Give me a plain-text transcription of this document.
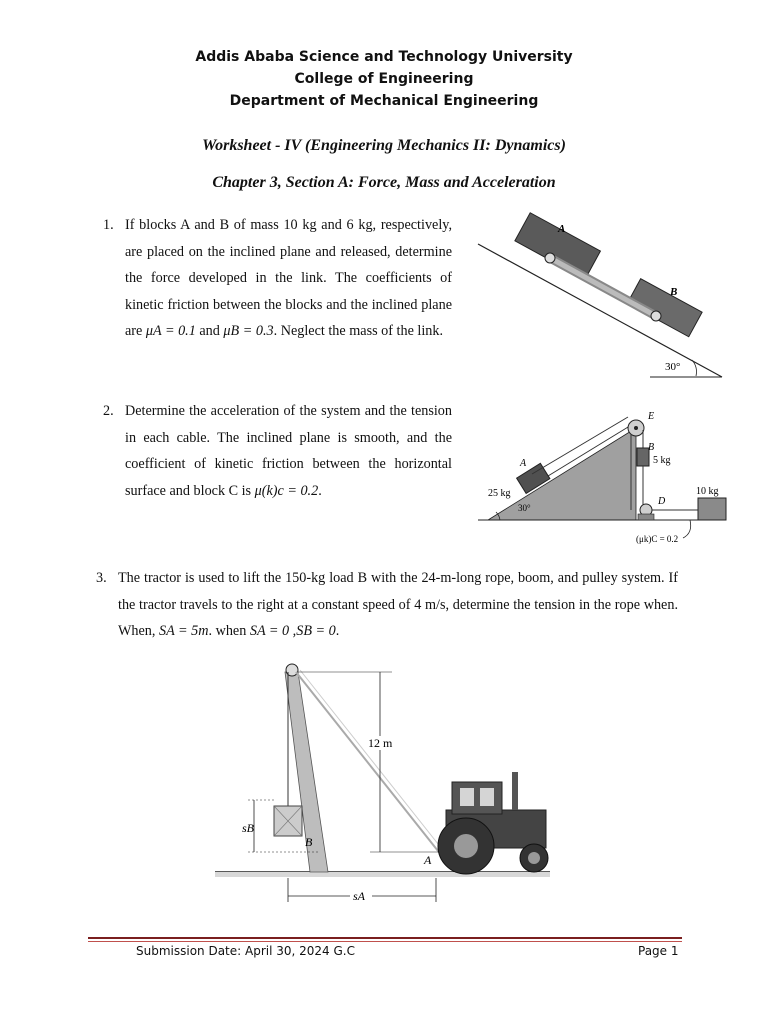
Addis Ababa Science and Technology University
College of Engineering
Department of Mechanical Engineering
Worksheet - IV (Engineering Mechanics II: Dynamics)
Chapter 3, Section A: Force, Mass and Acceleration
1. If blocks A and B of mass 10 kg and 6 kg, respectively, are placed on the inclined plane and released, determine the force developed in the link. The coefficients of kinetic friction between the blocks and the inclined plane are μA = 0.1 and μB = 0.3. Neglect the mass of the link.
A
B
30°
2. Determine the acceleration of the system and the tension in each cable. The inclined plane is smooth, and the coefficient of kinetic friction between the horizontal surface and block C is μ(k)c = 0.2.
A
25 kg
30°
E
B
5 kg
D
10 kg
(μk)C = 0.2
3. The tractor is used to lift the 150-kg load B with the 24-m-long rope, boom, and pulley system. If the tractor travels to the right at a constant speed of 4 m/s, determine the tension in the rope when. When, SA = 5m. when SA = 0 ,SB = 0.
sB
B
12 m
A
sA
Submission Date: April 30, 2024 G.C	Page 1
